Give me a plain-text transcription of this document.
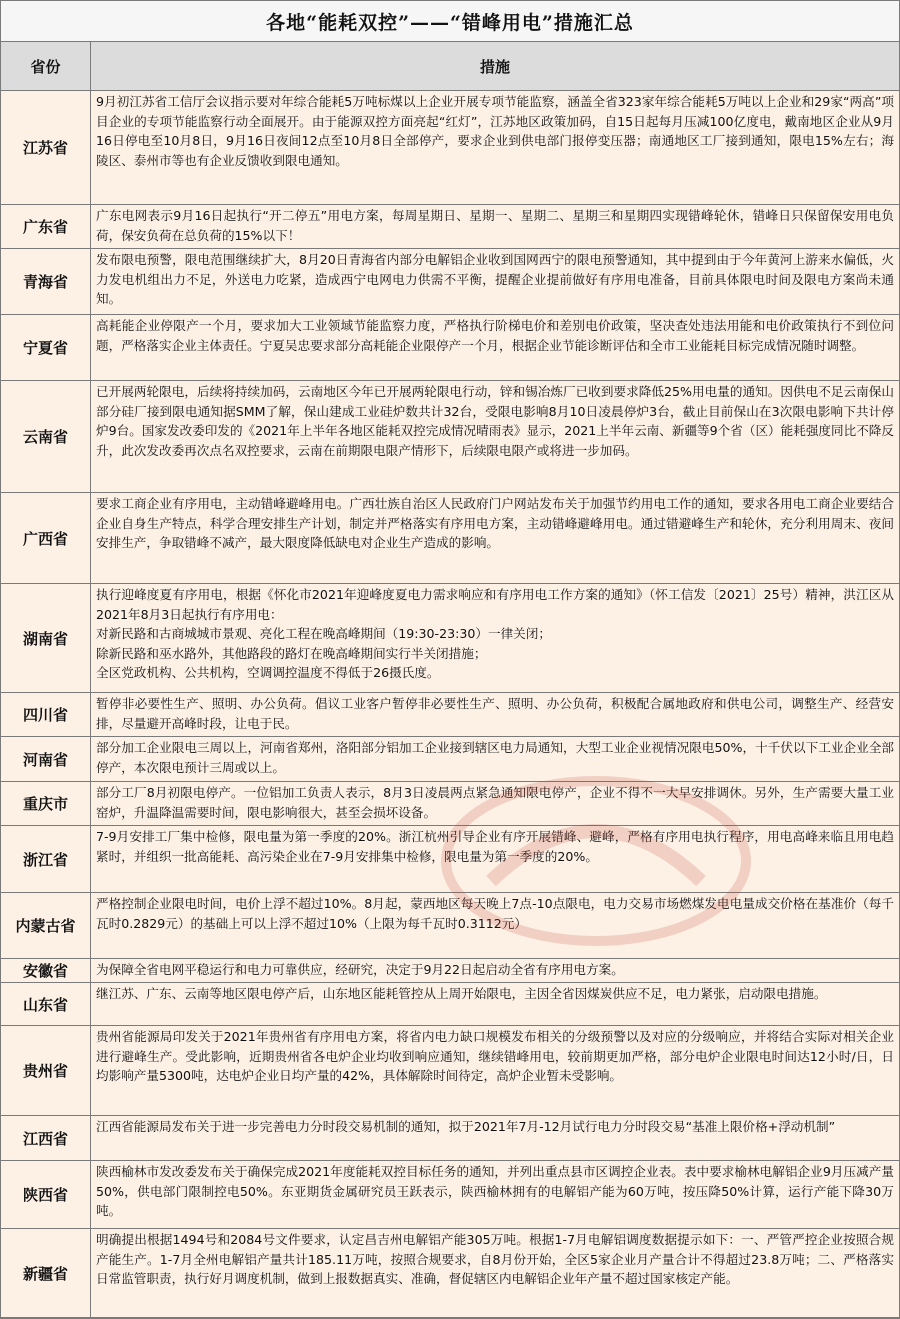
各地“能耗双控”——“错峰用电”措施汇总
省份	措施
江苏省
9月初江苏省工信厅会议指示要对年综合能耗5万吨标煤以上企业开展专项节能监察，涵盖全省323家年综合能耗5万吨以上企业和29家“两高”项目企业的专项节能监察行动全面展开。由于能源双控方面亮起“红灯”，江苏地区政策加码，自15日起每月压减100亿度电，戴南地区企业从9月16日停电至10月8日，9月16日夜间12点至10月8日全部停产，要求企业到供电部门报停变压器；南通地区工厂接到通知，限电15%左右；海陵区、泰州市等也有企业反馈收到限电通知。
广东省
广东电网表示9月16日起执行“开二停五”用电方案，每周星期日、星期一、星期二、星期三和星期四实现错峰轮休，错峰日只保留保安用电负荷，保安负荷在总负荷的15%以下！
青海省
发布限电预警，限电范围继续扩大，8月20日青海省内部分电解铝企业收到国网西宁的限电预警通知，其中提到由于今年黄河上游来水偏低，火力发电机组出力不足，外送电力吃紧，造成西宁电网电力供需不平衡，提醒企业提前做好有序用电准备，目前具体限电时间及限电方案尚未通知。
宁夏省
高耗能企业停限产一个月，要求加大工业领域节能监察力度，严格执行阶梯电价和差别电价政策，坚决查处违法用能和电价政策执行不到位问题，严格落实企业主体责任。宁夏吴忠要求部分高耗能企业限停产一个月，根据企业节能诊断评估和全市工业能耗目标完成情况随时调整。
云南省
已开展两轮限电，后续将持续加码，云南地区今年已开展两轮限电行动，锌和锡冶炼厂已收到要求降低25%用电量的通知。因供电不足云南保山部分硅厂接到限电通知据SMM了解，保山建成工业硅炉数共计32台，受限电影响8月10日凌晨停炉3台，截止目前保山在3次限电影响下共计停炉9台。国家发改委印发的《2021年上半年各地区能耗双控完成情况晴雨表》显示，2021上半年云南、新疆等9个省（区）能耗强度同比不降反升，此次发改委再次点名双控要求，云南在前期限电限产情形下，后续限电限产或将进一步加码。
广西省
要求工商企业有序用电，主动错峰避峰用电。广西壮族自治区人民政府门户网站发布关于加强节约用电工作的通知，要求各用电工商企业要结合企业自身生产特点，科学合理安排生产计划，制定并严格落实有序用电方案，主动错峰避峰用电。通过错避峰生产和轮休，充分利用周末、夜间安排生产，争取错峰不减产，最大限度降低缺电对企业生产造成的影响。
湖南省
执行迎峰度夏有序用电，根据《怀化市2021年迎峰度夏电力需求响应和有序用电工作方案的通知》（怀工信发〔2021〕25号）精神，洪江区从2021年8月3日起执行有序用电：
对新民路和古商城城市景观、亮化工程在晚高峰期间（19:30-23:30）一律关闭；
除新民路和巫水路外，其他路段的路灯在晚高峰期间实行半关闭措施；
全区党政机构、公共机构，空调调控温度不得低于26摄氏度。
四川省
暂停非必要性生产、照明、办公负荷。倡议工业客户暂停非必要性生产、照明、办公负荷，积极配合属地政府和供电公司，调整生产、经营安排，尽量避开高峰时段，让电于民。
河南省
部分加工企业限电三周以上，河南省郑州，洛阳部分铝加工企业接到辖区电力局通知，大型工业企业视情况限电50%，十千伏以下工业企业全部停产，本次限电预计三周或以上。
重庆市
部分工厂8月初限电停产。一位铝加工负责人表示，8月3日凌晨两点紧急通知限电停产，企业不得不一大早安排调休。另外，生产需要大量工业窑炉，升温降温需要时间，限电影响很大，甚至会损坏设备。
浙江省
7-9月安排工厂集中检修，限电量为第一季度的20%。浙江杭州引导企业有序开展错峰、避峰，严格有序用电执行程序，用电高峰来临且用电趋紧时，并组织一批高能耗、高污染企业在7-9月安排集中检修，限电量为第一季度的20%。
内蒙古省
严格控制企业限电时间，电价上浮不超过10%。8月起，蒙西地区每天晚上7点-10点限电，电力交易市场燃煤发电电量成交价格在基准价（每千瓦时0.2829元）的基础上可以上浮不超过10%（上限为每千瓦时0.3112元）
安徽省	为保障全省电网平稳运行和电力可靠供应，经研究，决定于9月22日起启动全省有序用电方案。
山东省
继江苏、广东、云南等地区限电停产后，山东地区能耗管控从上周开始限电，主因全省因煤炭供应不足，电力紧张，启动限电措施。
贵州省
贵州省能源局印发关于2021年贵州省有序用电方案，将省内电力缺口规模发布相关的分级预警以及对应的分级响应，并将结合实际对相关企业进行避峰生产。受此影响，近期贵州省各电炉企业均收到响应通知，继续错峰用电，较前期更加严格，部分电炉企业限电时间达12小时/日，日均影响产量5300吨，达电炉企业日均产量的42%，具体解除时间待定，高炉企业暂未受影响。
江西省
江西省能源局发布关于进一步完善电力分时段交易机制的通知，拟于2021年7月-12月试行电力分时段交易“基准上限价格+浮动机制”
陕西省
陕西榆林市发改委发布关于确保完成2021年度能耗双控目标任务的通知，并列出重点县市区调控企业表。表中要求榆林电解铝企业9月压减产量50%，供电部门限制控电50%。东亚期货金属研究员王跃表示，陕西榆林拥有的电解铝产能为60万吨，按压降50%计算，运行产能下降30万吨。
新疆省
明确提出根据1494号和2084号文件要求，认定昌吉州电解铝产能305万吨。根据1-7月电解铝调度数据提示如下：一、严管严控企业按照合规产能生产。1-7月全州电解铝产量共计185.11万吨，按照合规要求，自8月份开始，全区5家企业月产量合计不得超过23.8万吨；二、严格落实日常监管职责，执行好月调度机制，做到上报数据真实、准确，督促辖区内电解铝企业年产量不超过国家核定产能。
